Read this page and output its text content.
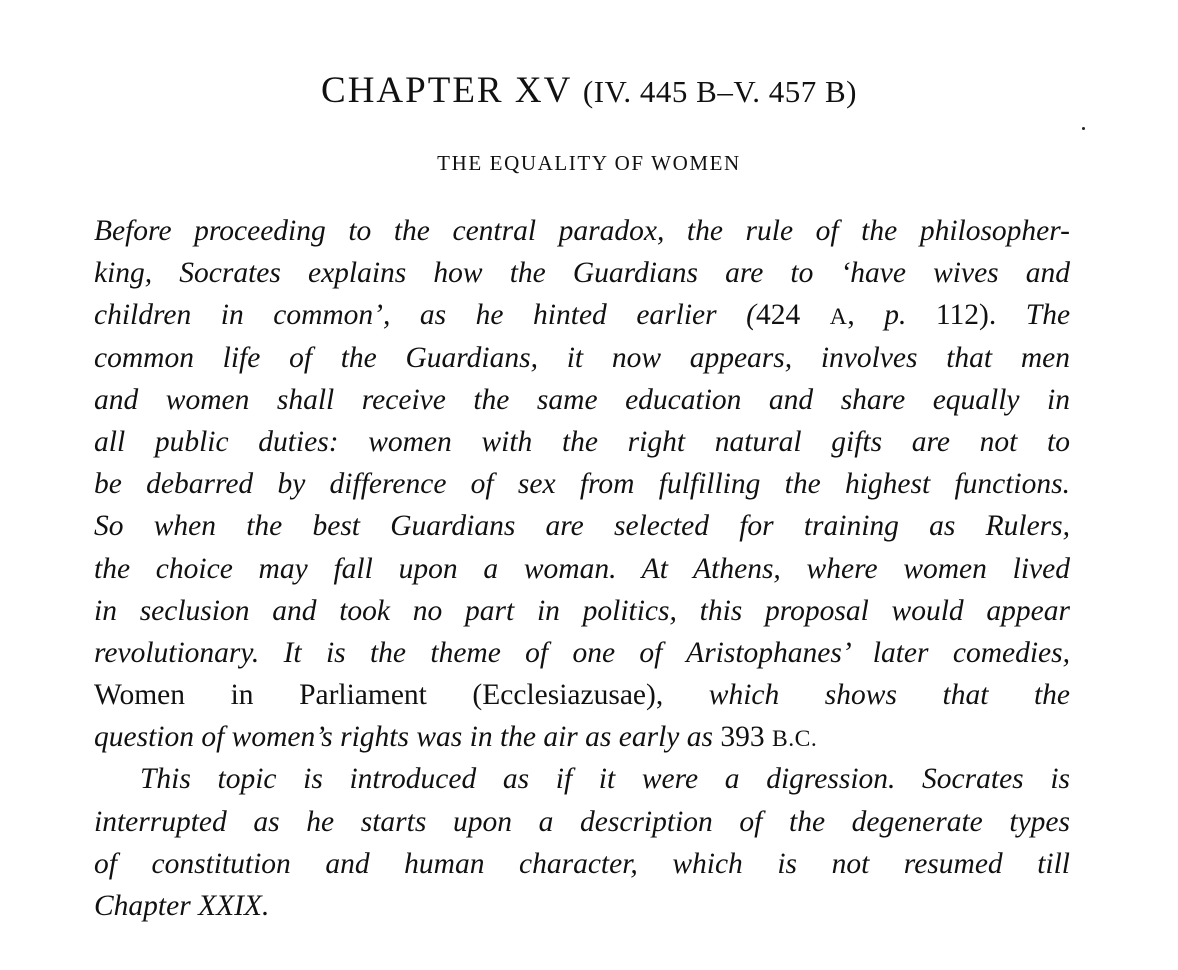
CHAPTER XV (IV. 445 B–V. 457 B)
THE EQUALITY OF WOMEN
Before proceeding to the central paradox, the rule of the philosopher-
king, Socrates explains how the Guardians are to ‘have wives and
children in common’, as he hinted earlier (424 A, p. 112). The
common life of the Guardians, it now appears, involves that men
and women shall receive the same education and share equally in
all public duties: women with the right natural gifts are not to
be debarred by difference of sex from fulfilling the highest functions.
So when the best Guardians are selected for training as Rulers,
the choice may fall upon a woman. At Athens, where women lived
in seclusion and took no part in politics, this proposal would appear
revolutionary. It is the theme of one of Aristophanes’ later comedies,
Women in Parliament (Ecclesiazusae), which shows that the
question of women’s rights was in the air as early as 393 B.C.
This topic is introduced as if it were a digression. Socrates is
interrupted as he starts upon a description of the degenerate types
of constitution and human character, which is not resumed till
Chapter XXIX.
